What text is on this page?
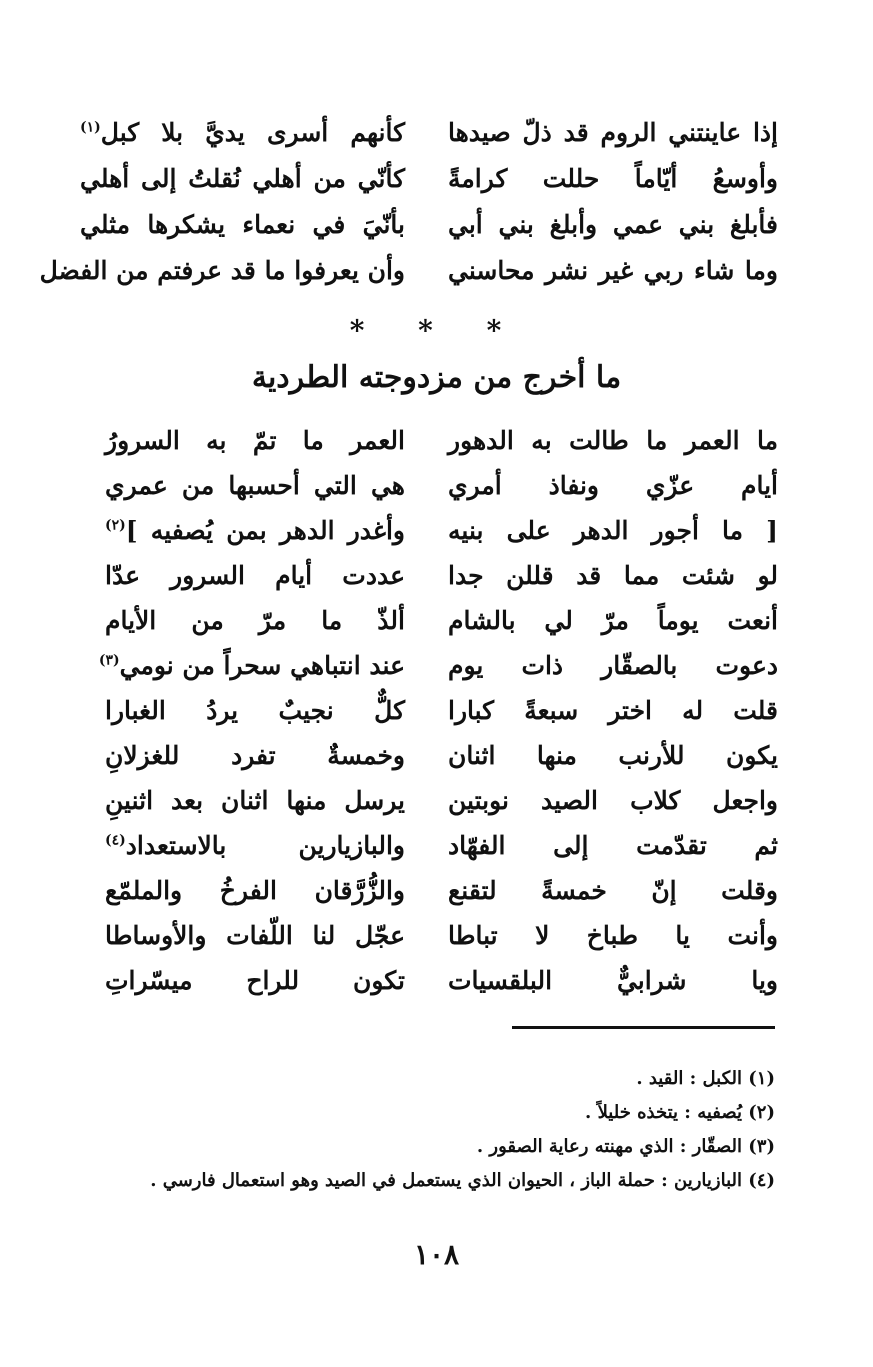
إذا عاينتني الروم قد ذلّ صيدها
كأنهم أسرى يديَّ بلا كبل$^{(١)}$
وأوسعُ أيّاماً حللت كرامةً
كأنّي من أهلي نُقلتُ إلى أهلي
فأبلغ بني عمي وأبلغ بني أبي
بأنّيَ في نعماء يشكرها مثلي
وما شاء ربي غير نشر محاسني
وأن يعرفوا ما قد عرفتم من الفضل
* * *
ما أخرج من مزدوجته الطردية
ما العمر ما طالت به الدهور
العمر ما تمّ به السرورُ
أيام عزّي ونفاذ أمري
هي التي أحسبها من عمري
[ ما أجور الدهر على بنيه
وأغدر الدهر بمن يُصفيه ]$^{(٢)}$
لو شئت مما قد قللن جدا
عددت أيام السرور عدّا
أنعت يوماً مرّ لي بالشام
ألذّ ما مرّ من الأيام
دعوت بالصقّار ذات يوم
عند انتباهي سحراً من نومي$^{(٣)}$
قلت له اختر سبعةً كبارا
كلٌّ نجيبٌ يردُ الغبارا
يكون للأرنب منها اثنان
وخمسةٌ تفرد للغزلانِ
واجعل كلاب الصيد نوبتين
يرسل منها اثنان بعد اثنينِ
ثم تقدّمت إلى الفهّاد
والبازيارين بالاستعداد$^{(٤)}$
وقلت إنّ خمسةً لتقنع
والزُّرَّقان الفرخُ والملمّع
وأنت يا طباخ لا تباطا
عجّل لنا اللّفات والأوساطا
ويا شرابيٌّ البلقسيات
تكون للراح ميسّراتِ
(١) الكبل : القيد .
(٢) يُصفيه : يتخذه خليلاً .
(٣) الصقّار : الذي مهنته رعاية الصقور .
(٤) البازيارين : حملة الباز ، الحيوان الذي يستعمل في الصيد وهو استعمال فارسي .
١٠٨
